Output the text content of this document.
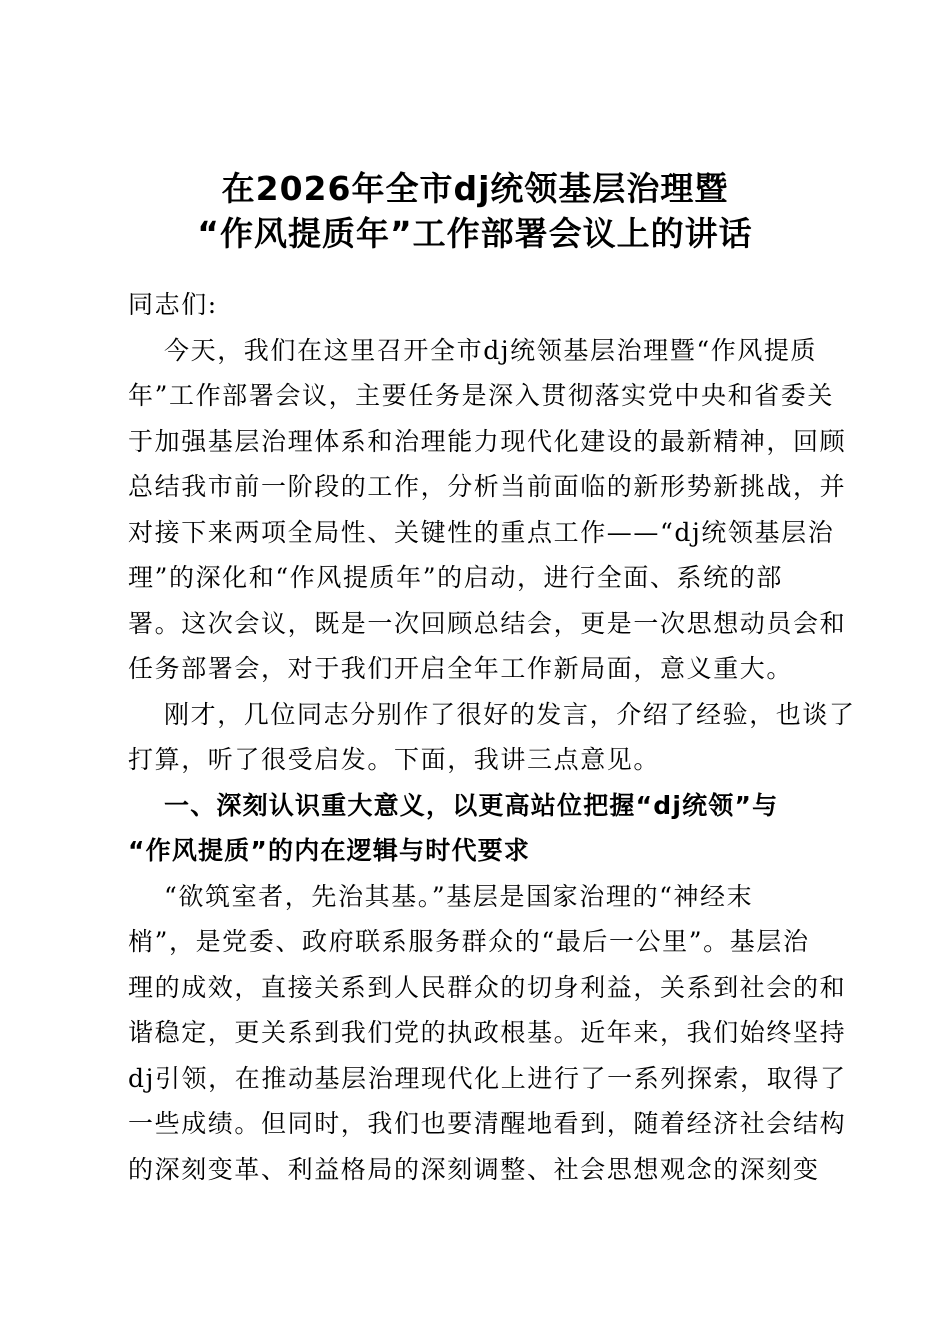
在2026年全市dj统领基层治理暨
“作风提质年”工作部署会议上的讲话
同志们:
今天，我们在这里召开全市dj统领基层治理暨“作风提质
年”工作部署会议，主要任务是深入贯彻落实党中央和省委关
于加强基层治理体系和治理能力现代化建设的最新精神，回顾
总结我市前一阶段的工作，分析当前面临的新形势新挑战，并
对接下来两项全局性、关键性的重点工作——“dj统领基层治
理”的深化和“作风提质年”的启动，进行全面、系统的部
署。这次会议，既是一次回顾总结会，更是一次思想动员会和
任务部署会，对于我们开启全年工作新局面，意义重大。
刚才，几位同志分别作了很好的发言，介绍了经验，也谈了
打算，听了很受启发。下面，我讲三点意见。
一、深刻认识重大意义，以更高站位把握“dj统领”与
“作风提质”的内在逻辑与时代要求
“欲筑室者，先治其基。”基层是国家治理的“神经末
梢”，是党委、政府联系服务群众的“最后一公里”。基层治
理的成效，直接关系到人民群众的切身利益，关系到社会的和
谐稳定，更关系到我们党的执政根基。近年来，我们始终坚持
dj引领，在推动基层治理现代化上进行了一系列探索，取得了
一些成绩。但同时，我们也要清醒地看到，随着经济社会结构
的深刻变革、利益格局的深刻调整、社会思想观念的深刻变
